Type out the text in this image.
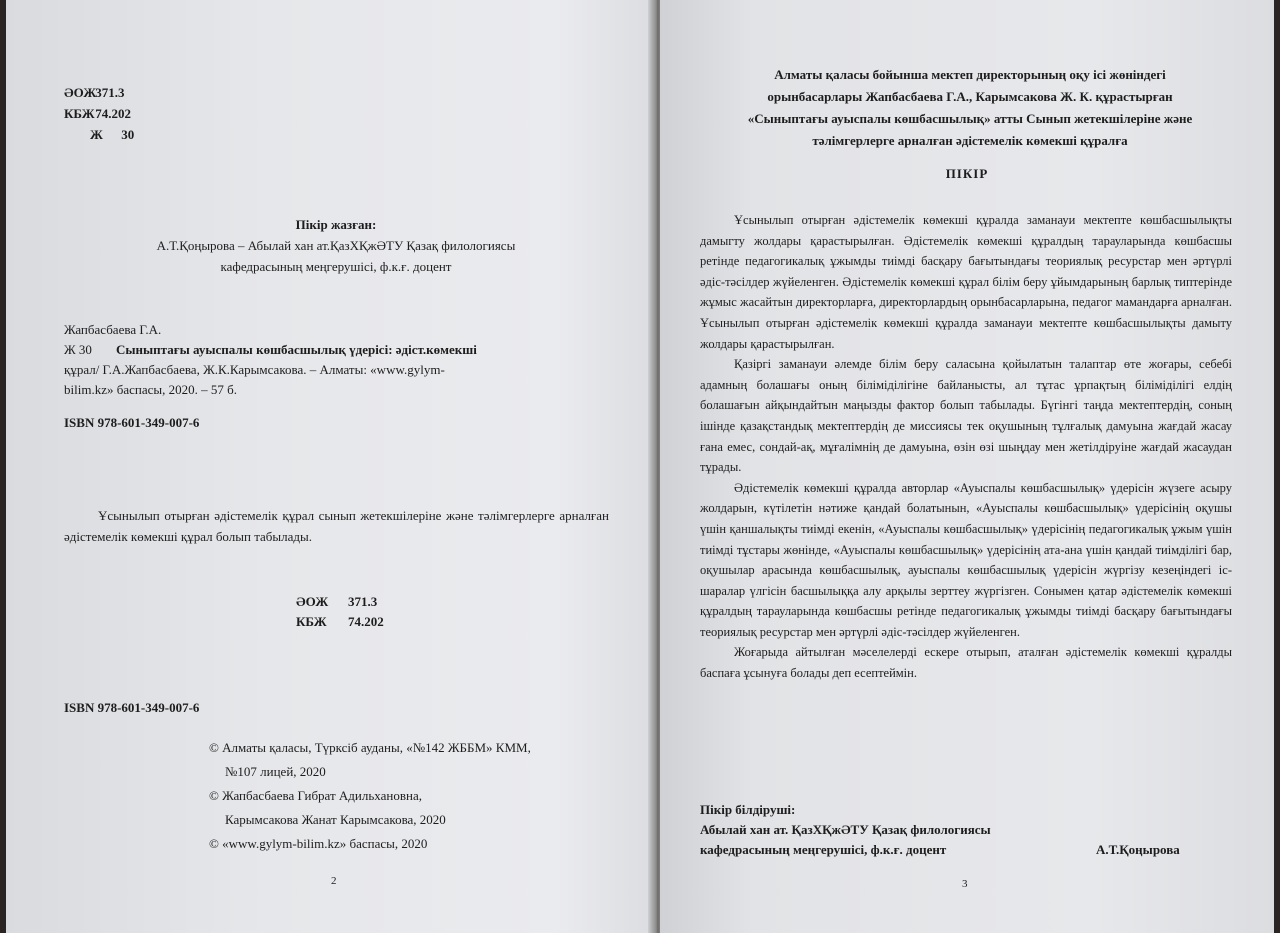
ӘОЖ 371.3
КБЖ 74.202
Ж 30
Пікір жазған:
А.Т.Қоңырова – Абылай хан ат.ҚазХҚжӘТУ Қазақ филологиясы
кафедрасының меңгерушісі, ф.к.ғ. доцент
Жапбасбаева Г.А.
Ж 30 Сыныптағы ауыспалы көшбасшылық үдерісі: әдіст.көмекші
құрал/ Г.А.Жапбасбаева, Ж.К.Карымсакова. – Алматы: «www.gylym-
bilim.kz» баспасы, 2020. – 57 б.
ISBN 978-601-349-007-6
Ұсынылып отырған әдістемелік құрал сынып жетекшілеріне және тәлімгерлерге арналған әдістемелік көмекші құрал болып табылады.
ӘОЖ 371.3
КБЖ 74.202
ISBN 978-601-349-007-6
© Алматы қаласы, Түрксіб ауданы, «№142 ЖББМ» КММ,
№107 лицей, 2020
© Жапбасбаева Гибрат Адильхановна,
Карымсакова Жанат Карымсакова, 2020
© «www.gylym-bilim.kz» баспасы, 2020
2
Алматы қаласы бойынша мектеп директорының оқу ісі жөніндегі
орынбасарлары Жапбасбаева Г.А., Карымсакова Ж. К. құрастырған
«Сыныптағы ауыспалы көшбасшылық» атты Сынып жетекшілеріне және
тәлімгерлерге арналған әдістемелік көмекші құралға
ПІКІР

Ұсынылып отырған әдістемелік көмекші құралда заманауи мектепте көшбасшылықты дамыгту жолдары қарастырылған. Әдістемелік көмекші құралдың тарауларында көшбасшы ретінде педагогикалық ұжымды тиімді басқару бағытындағы теориялық ресурстар мен әртүрлі әдіс-тәсілдер жүйеленген. Әдістемелік көмекші құрал білім беру ұйымдарының барлық типтерінде жұмыс жасайтын директорларға, директорлардың орынбасарларына, педагог мамандарға арналған. Ұсынылып отырған әдістемелік көмекші құралда заманауи мектепте көшбасшылықты дамыту жолдары қарастырылған.

Қазіргі заманауи әлемде білім беру саласына қойылатын талаптар өте жоғары, себебі адамның болашағы оның біліміділігіне байланысты, ал тұтас ұрпақтың біліміділігі елдің болашағын айқындайтын маңызды фактор болып табылады. Бүгінгі таңда мектептердің, соның ішінде қазақстандық мектептердің де миссиясы тек оқушының тұлғалық дамуына жағдай жасау ғана емес, сондай-ақ, мұғалімнің де дамуына, өзін өзі шыңдау мен жетілдіруіне жағдай жасаудан тұрады.

Әдістемелік көмекші құралда авторлар «Ауыспалы көшбасшылық» үдерісін жүзеге асыру жолдарын, күтілетін нәтиже қандай болатынын, «Ауыспалы көшбасшылық» үдерісінің оқушы үшін қаншалықты тиімді екенін, «Ауыспалы көшбасшылық» үдерісінің педагогикалық ұжым үшін тиімді тұстары жөнінде, «Ауыспалы көшбасшылық» үдерісінің ата-ана үшін қандай тиімділігі бар, оқушылар арасында көшбасшылық, ауыспалы көшбасшылық үдерісін жүргізу кезеңіндегі іс-шаралар үлгісін басшылыққа алу арқылы зерттеу жүргізген. Сонымен қатар әдістемелік көмекші құралдың тарауларында көшбасшы ретінде педагогикалық ұжымды тиімді басқару бағытындағы теориялық ресурстар мен әртүрлі әдіс-тәсілдер жүйеленген.

Жоғарыда айтылған мәселелерді ескере отырып, аталған әдістемелік көмекші құралды баспаға ұсынуға болады деп есептеймін.

Пікір білдіруші:
Абылай хан ат. ҚазХҚжӘТУ Қазақ филологиясы
кафедрасының меңгерушісі, ф.к.ғ. доцент	А.Т.Қоңырова
3
